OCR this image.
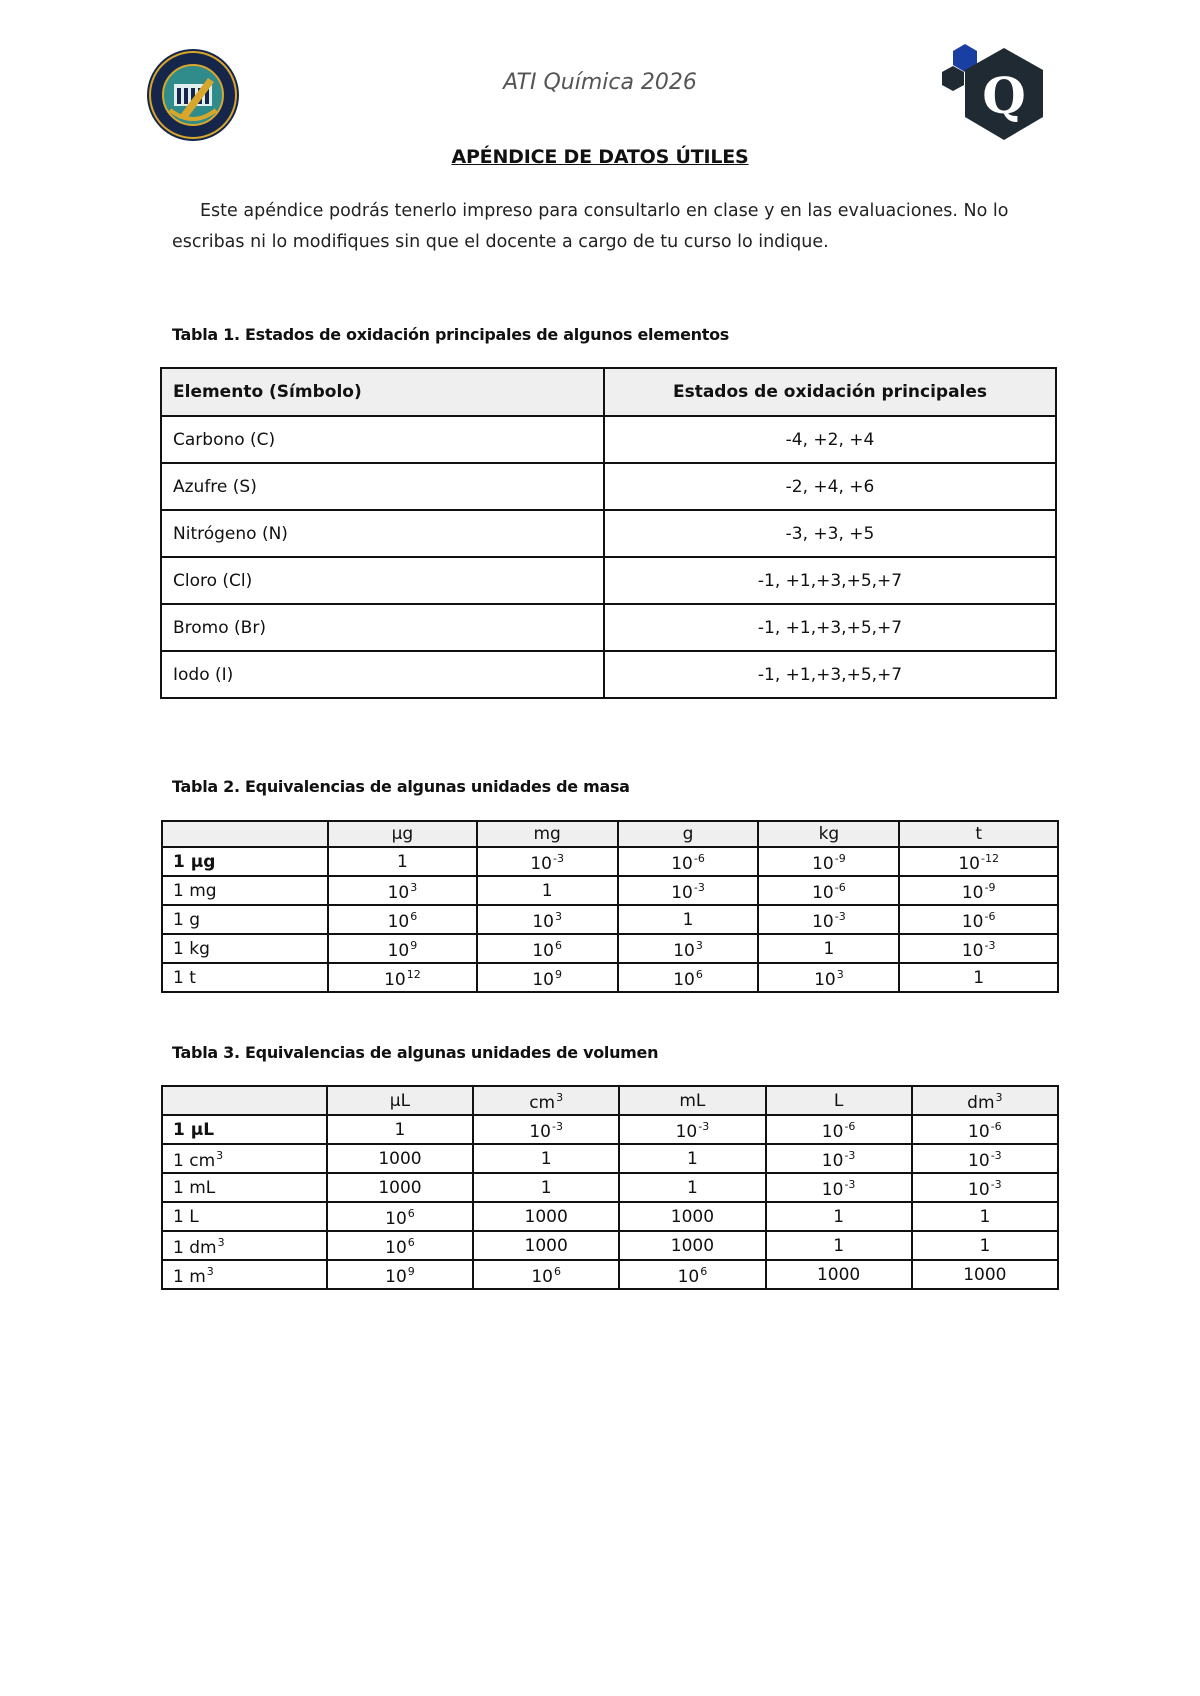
ATI Química 2026	Q
APÉNDICE DE DATOS ÚTILES
Este apéndice podrás tenerlo impreso para consultarlo en clase y en las evaluaciones. No lo escribas ni lo modifiques sin que el docente a cargo de tu curso lo indique.
Tabla 1. Estados de oxidación principales de algunos elementos
Elemento (Símbolo)	Estados de oxidación principales
Carbono (C)	-4, +2, +4
Azufre (S)	-2, +4, +6
Nitrógeno (N)	-3, +3, +5
Cloro (Cl)	-1, +1,+3,+5,+7
Bromo (Br)	-1, +1,+3,+5,+7
Iodo (I)	-1, +1,+3,+5,+7
Tabla 2. Equivalencias de algunas unidades de masa
	µg	mg	g	kg	t
1 µg	1	$10^{-3}$	$10^{-6}$	$10^{-9}$	$10^{-12}$
1 mg	$10^3$	1	$10^{-3}$	$10^{-6}$	$10^{-9}$
1 g	$10^6$	$10^3$	1	$10^{-3}$	$10^{-6}$
1 kg	$10^9$	$10^6$	$10^3$	1	$10^{-3}$
1 t	$10^{12}$	$10^9$	$10^6$	$10^3$	1
Tabla 3. Equivalencias de algunas unidades de volumen
	µL	$cm^3$	mL	L	$dm^3$
1 µL	1	$10^{-3}$	$10^{-3}$	$10^{-6}$	$10^{-6}$
1 $cm^3$	1000	1	1	$10^{-3}$	$10^{-3}$
1 mL	1000	1	1	$10^{-3}$	$10^{-3}$
1 L	$10^6$	1000	1000	1	1
1 $dm^3$	$10^6$	1000	1000	1	1
1 $m^3$	$10^9$	$10^6$	$10^6$	1000	1000
